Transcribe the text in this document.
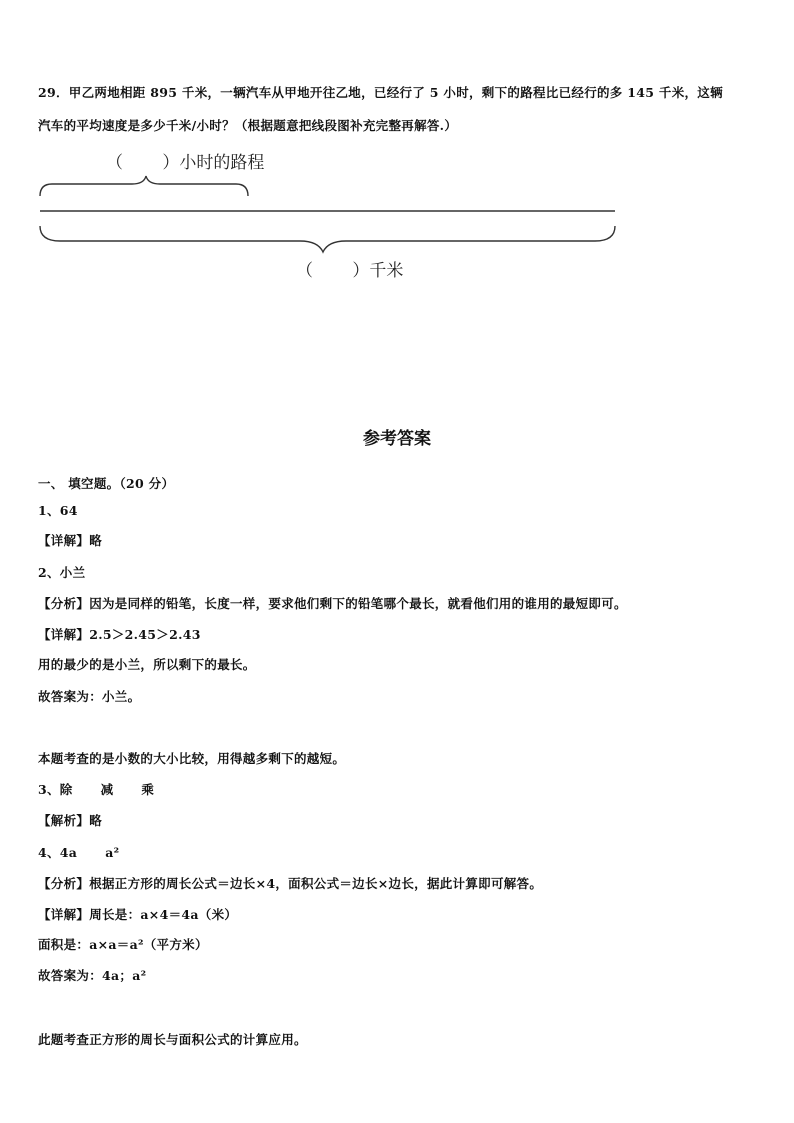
29．甲乙两地相距 895 千米，一辆汽车从甲地开往乙地，已经行了 5 小时，剩下的路程比已经行的多 145 千米，这辆
汽车的平均速度是多少千米/小时？（根据题意把线段图补充完整再解答.）
（　　 ）小时的路程
（　　 ）千米
参考答案
一、 填空题。（20 分）
1、64
【详解】略
2、小兰
【分析】因为是同样的铅笔，长度一样，要求他们剩下的铅笔哪个最长，就看他们用的谁用的最短即可。
【详解】2.5＞2.45＞2.43
用的最少的是小兰，所以剩下的最长。
故答案为：小兰。
本题考查的是小数的大小比较，用得越多剩下的越短。
3、除 减 乘
【解析】略
4、4a a²
【分析】根据正方形的周长公式＝边长×4，面积公式＝边长×边长，据此计算即可解答。
【详解】周长是：a×4＝4a（米）
面积是：a×a＝a²（平方米）
故答案为：4a；a²
此题考查正方形的周长与面积公式的计算应用。
